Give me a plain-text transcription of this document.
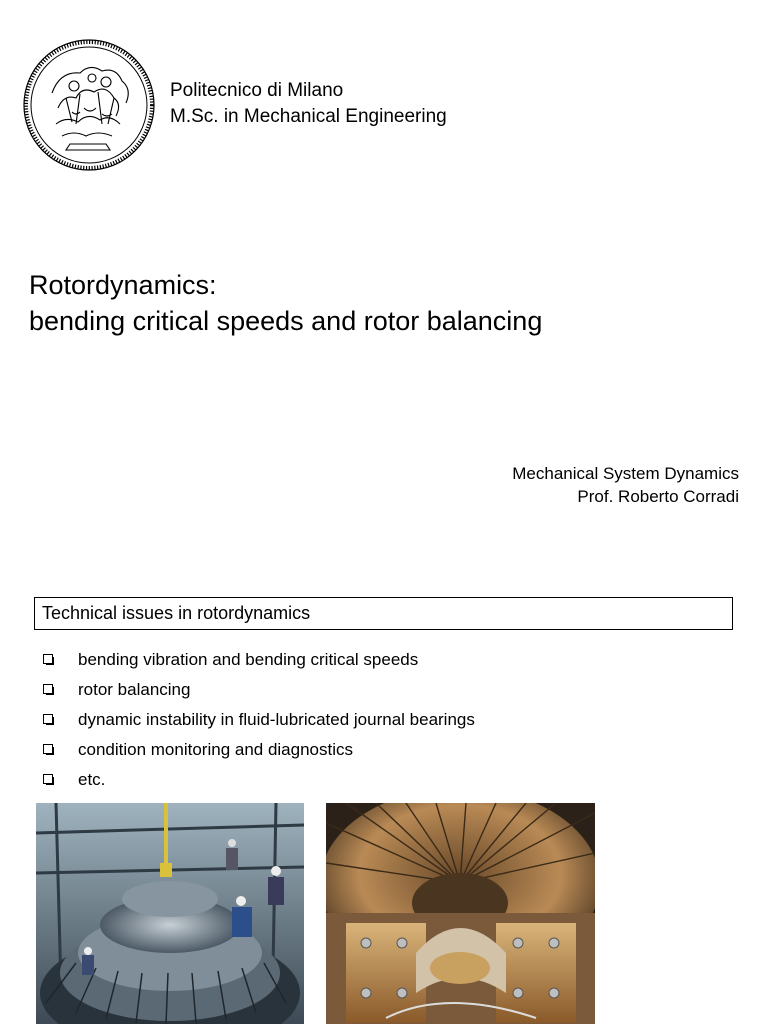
Politecnico di Milano
M.Sc. in Mechanical Engineering
Rotordynamics:
bending critical speeds and rotor balancing
Mechanical System Dynamics
Prof. Roberto Corradi
Technical issues in rotordynamics
bending vibration and bending critical speeds
rotor balancing
dynamic instability in fluid-lubricated journal bearings
condition monitoring and diagnostics
etc.
